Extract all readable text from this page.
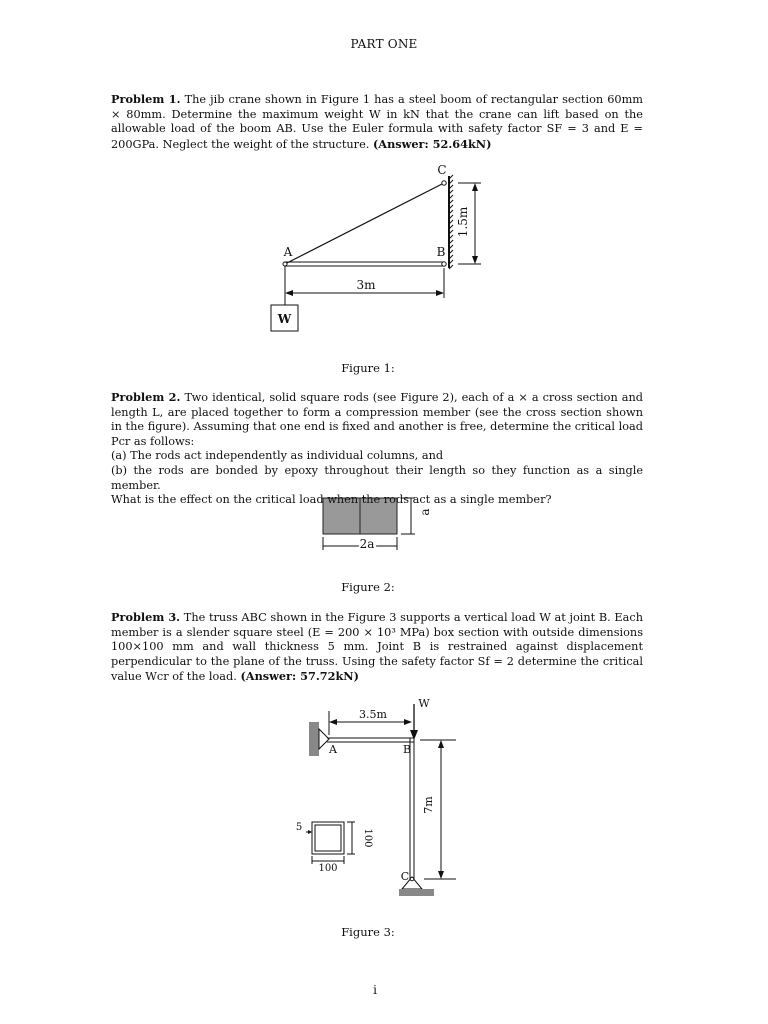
PART ONE
Problem 1. The jib crane shown in Figure 1 has a steel boom of rectangular section 60mm × 80mm. Determine the maximum weight W in kN that the crane can lift based on the allowable load of the boom AB. Use the Euler formula with safety factor SF = 3 and E = 200GPa. Neglect the weight of the structure. (Answer: 52.64kN)
W
A	B
C
3m
1.5m
2a
a
W
A	B
C
3.5m
7m
5
100
100
Figure 1:
Problem 2. Two identical, solid square rods (see Figure 2), each of a × a cross section and length L, are placed together to form a compression member (see the cross section shown in the figure). Assuming that one end is fixed and another is free, determine the critical load Pcr as follows:
(a) The rods act independently as individual columns, and
(b) the rods are bonded by epoxy throughout their length so they function as a single member.
What is the effect on the critical load when the rods act as a single member?
Figure 2:
Problem 3. The truss ABC shown in the Figure 3 supports a vertical load W at joint B. Each member is a slender square steel (E = 200 × 10³ MPa) box section with outside dimensions 100×100 mm and wall thickness 5 mm. Joint B is restrained against displacement perpendicular to the plane of the truss. Using the safety factor Sf = 2 determine the critical value Wcr of the load. (Answer: 57.72kN)
Figure 3:
i
